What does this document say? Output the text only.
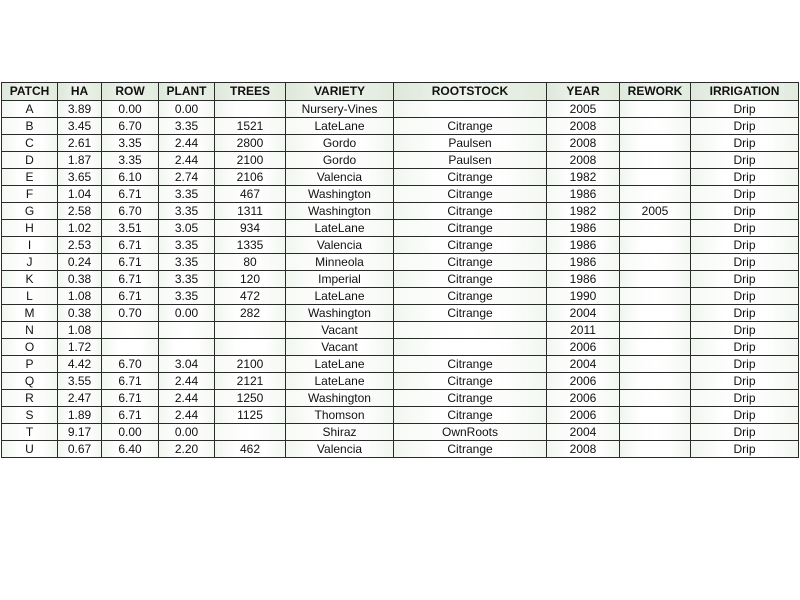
PATCH	HA	ROW	PLANT	TREES	VARIETY	ROOTSTOCK	YEAR	REWORK	IRRIGATION
A	3.89	0.00	0.00		Nursery-Vines		2005		Drip
B	3.45	6.70	3.35	1521	LateLane	Citrange	2008		Drip
C	2.61	3.35	2.44	2800	Gordo	Paulsen	2008		Drip
D	1.87	3.35	2.44	2100	Gordo	Paulsen	2008		Drip
E	3.65	6.10	2.74	2106	Valencia	Citrange	1982		Drip
F	1.04	6.71	3.35	467	Washington	Citrange	1986		Drip
G	2.58	6.70	3.35	1311	Washington	Citrange	1982	2005	Drip
H	1.02	3.51	3.05	934	LateLane	Citrange	1986		Drip
I	2.53	6.71	3.35	1335	Valencia	Citrange	1986		Drip
J	0.24	6.71	3.35	80	Minneola	Citrange	1986		Drip
K	0.38	6.71	3.35	120	Imperial	Citrange	1986		Drip
L	1.08	6.71	3.35	472	LateLane	Citrange	1990		Drip
M	0.38	0.70	0.00	282	Washington	Citrange	2004		Drip
N	1.08				Vacant		2011		Drip
O	1.72				Vacant		2006		Drip
P	4.42	6.70	3.04	2100	LateLane	Citrange	2004		Drip
Q	3.55	6.71	2.44	2121	LateLane	Citrange	2006		Drip
R	2.47	6.71	2.44	1250	Washington	Citrange	2006		Drip
S	1.89	6.71	2.44	1125	Thomson	Citrange	2006		Drip
T	9.17	0.00	0.00		Shiraz	OwnRoots	2004		Drip
U	0.67	6.40	2.20	462	Valencia	Citrange	2008		Drip
